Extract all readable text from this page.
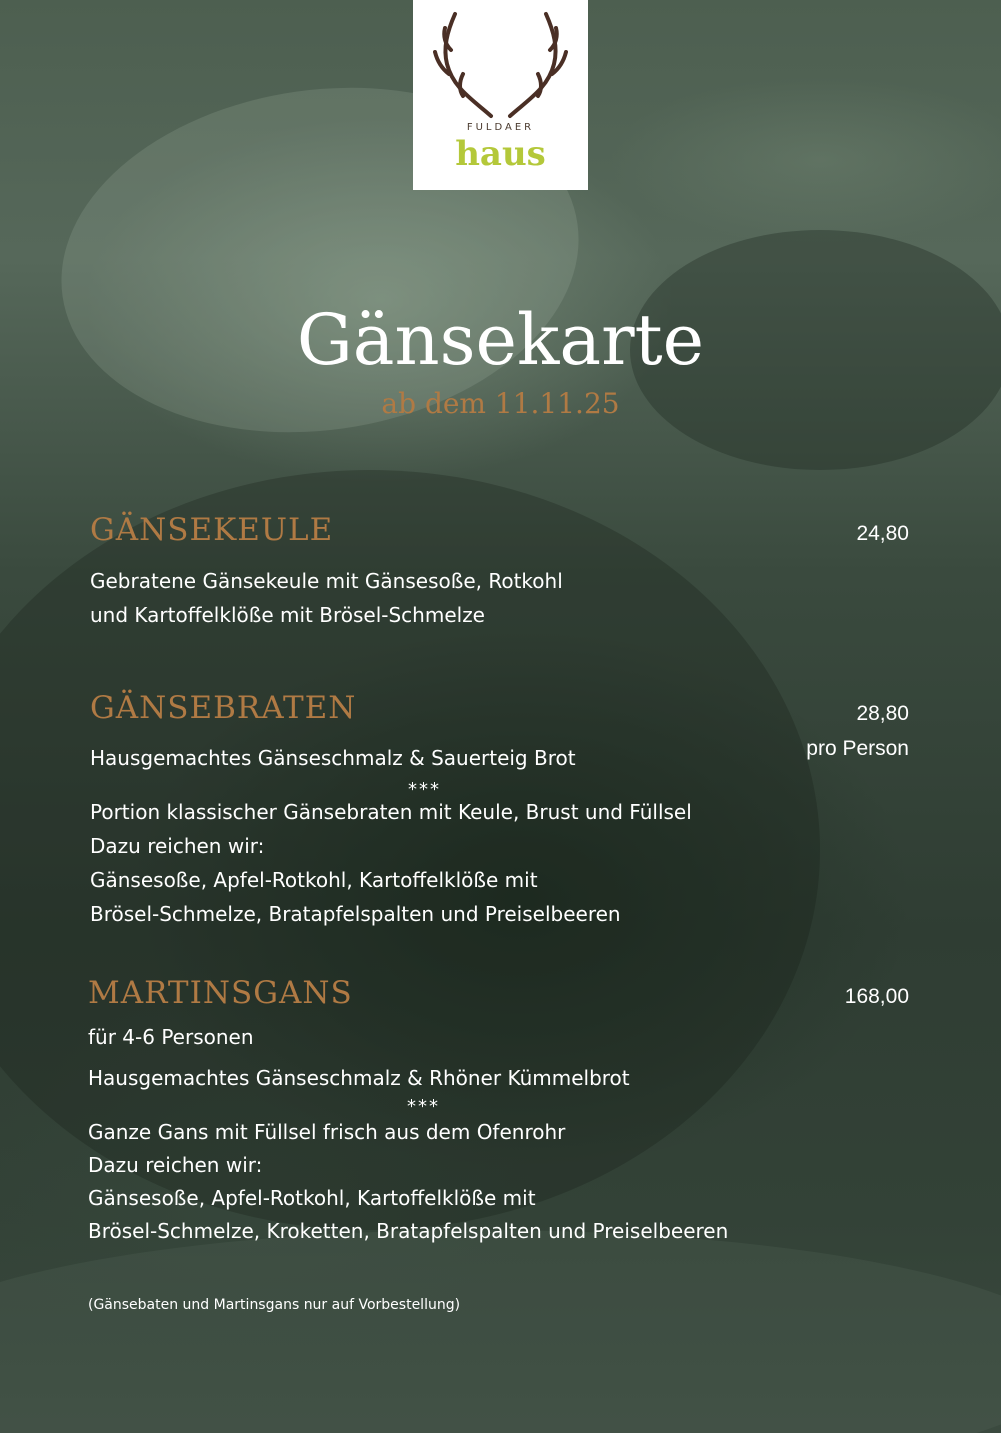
FULDAER
haus
Gänsekarte
ab dem 11.11.25
GÄNSEKEULE	24,80
Gebratene Gänsekeule mit Gänsesoße, Rotkohl
und Kartoffelklöße mit Brösel-Schmelze
GÄNSEBRATEN	28,80
pro Person
Hausgemachtes Gänseschmalz & Sauerteig Brot
***
Portion klassischer Gänsebraten mit Keule, Brust und Füllsel
Dazu reichen wir:
Gänsesoße, Apfel-Rotkohl, Kartoffelklöße mit
Brösel-Schmelze, Bratapfelspalten und Preiselbeeren
MARTINSGANS	168,00
für 4-6 Personen
Hausgemachtes Gänseschmalz & Rhöner Kümmelbrot
***
Ganze Gans mit Füllsel frisch aus dem Ofenrohr
Dazu reichen wir:
Gänsesoße, Apfel-Rotkohl, Kartoffelklöße mit
Brösel-Schmelze, Kroketten, Bratapfelspalten und Preiselbeeren
(Gänsebaten und Martinsgans nur auf Vorbestellung)
